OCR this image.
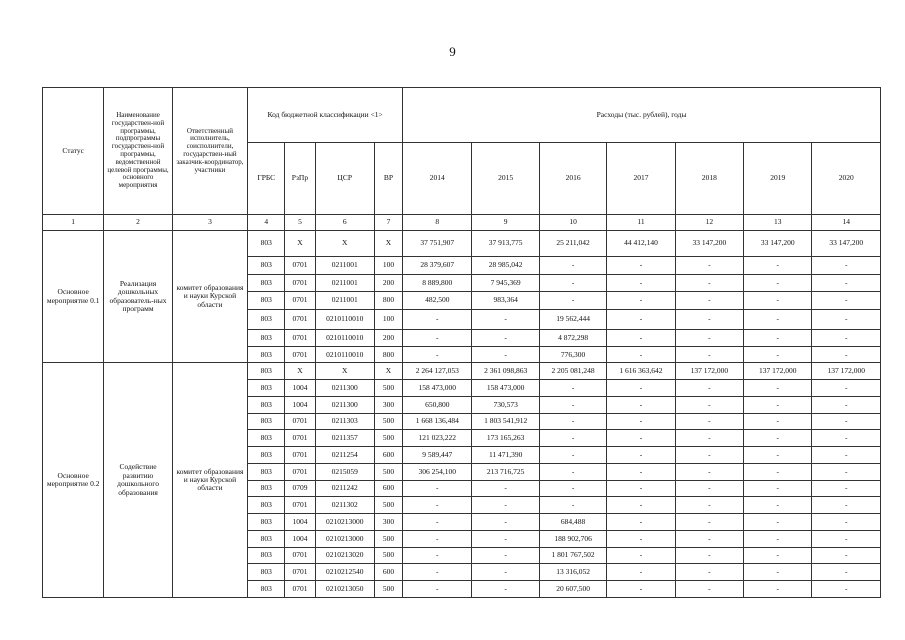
9
Статус	Наименование государствен-ной программы, подпрограммы государствен-ной программы, ведомственной целевой программы, основного мероприятия	Ответственный исполнитель, соисполнители, государствен-ный заказчик-координатор, участники	Код бюджетной классификации <1>				Расходы (тыс. рублей), годы						
			ГРБС	РзПр	ЦСР	ВР	2014	2015	2016	2017	2018	2019	2020
1	2	3	4	5	6	7	8	9	10	11	12	13	14
Основное мероприятие 0.1	Реализация дошкольных образователь-ных программ	комитет образования и науки Курской области	803	Х	Х	Х	37 751,907	37 913,775	25 211,042	44 412,140	33 147,200	33 147,200	33 147,200
			803	0701	0211001	100	28 379,607	28 985,042	-	-	-	-	-
			803	0701	0211001	200	8 889,800	7 945,369	-	-	-	-	-
			803	0701	0211001	800	482,500	983,364	-	-	-	-	-
			803	0701	0210110010	100	-	-	19 562,444	-	-	-	-
			803	0701	0210110010	200	-	-	4 872,298	-	-	-	-
			803	0701	0210110010	800	-	-	776,300	-	-	-	-
Основное мероприятие 0.2	Содействие развитию дошкольного образования	комитет образования и науки Курской области	803	Х	Х	Х	2 264 127,053	2 361 098,863	2 205 081,248	1 616 363,642	137 172,000	137 172,000	137 172,000
			803	1004	0211300	500	158 473,000	158 473,000	-	-	-	-	-
			803	1004	0211300	300	650,800	730,573	-	-	-	-	-
			803	0701	0211303	500	1 668 136,484	1 803 541,912	-	-	-	-	-
			803	0701	0211357	500	121 023,222	173 165,263	-	-	-	-	-
			803	0701	0211254	600	9 589,447	11 471,390	-	-	-	-	-
			803	0701	0215059	500	306 254,100	213 716,725	-	-	-	-	-
			803	0709	0211242	600	-	-	-	-	-	-	-
			803	0701	0211302	500	-	-	-	-	-	-	-
			803	1004	0210213000	300	-	-	684,488	-	-	-	-
			803	1004	0210213000	500	-	-	188 902,706	-	-	-	-
			803	0701	0210213020	500	-	-	1 801 767,502	-	-	-	-
			803	0701	0210212540	600	-	-	13 316,052	-	-	-	-
			803	0701	0210213050	500	-	-	20 607,500	-	-	-	-
